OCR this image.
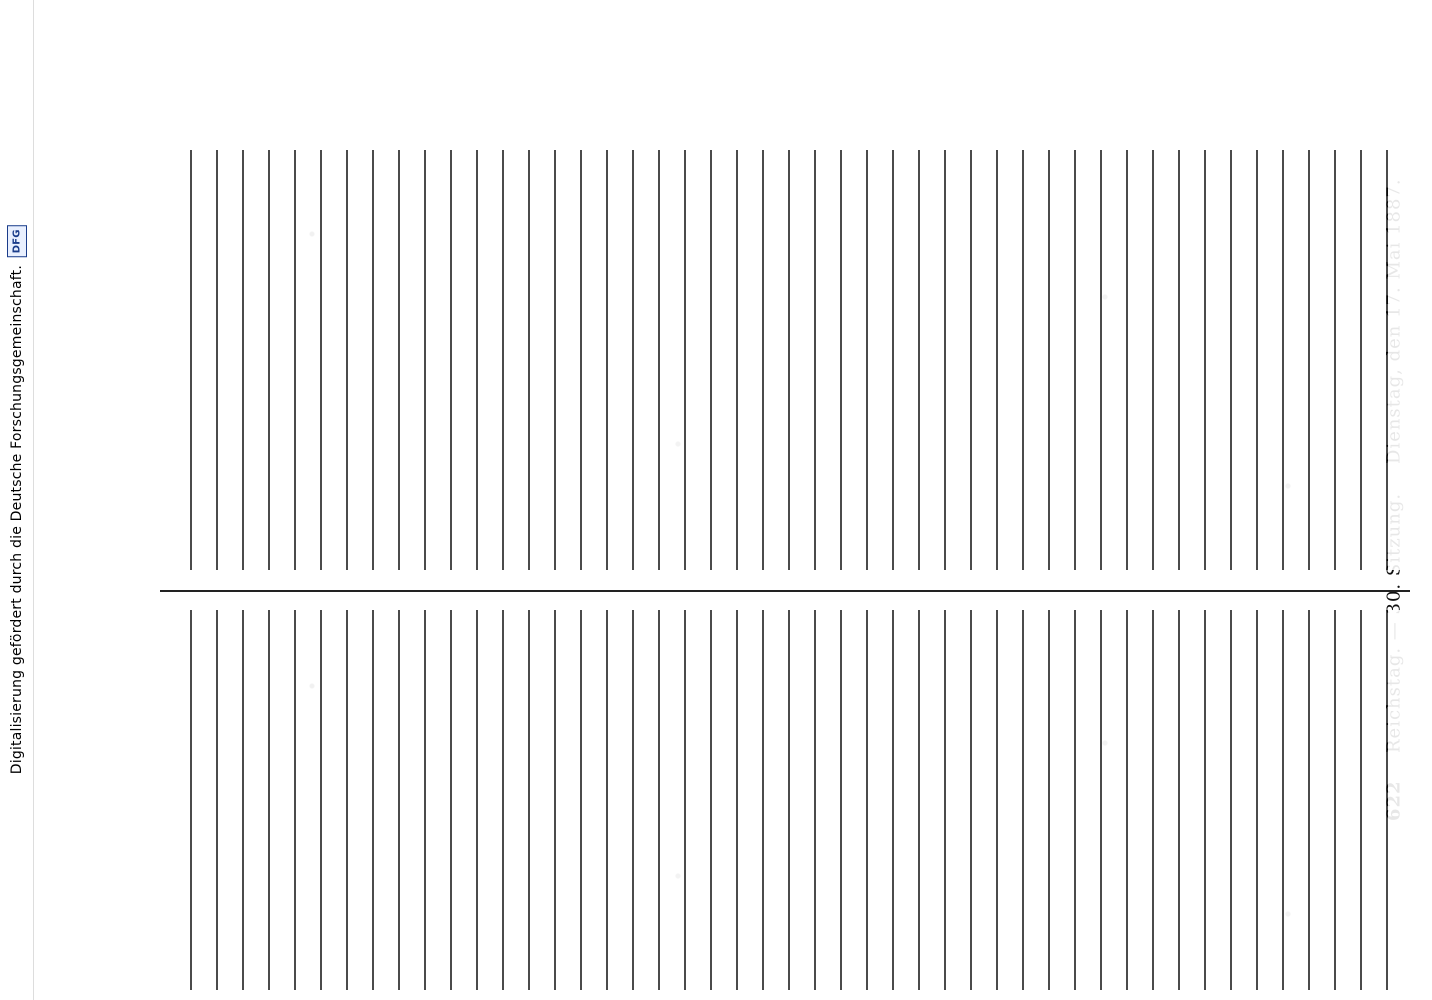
Digitalisierung gefördert durch die Deutsche Forschungsgemeinschaft.
DFG
30.
